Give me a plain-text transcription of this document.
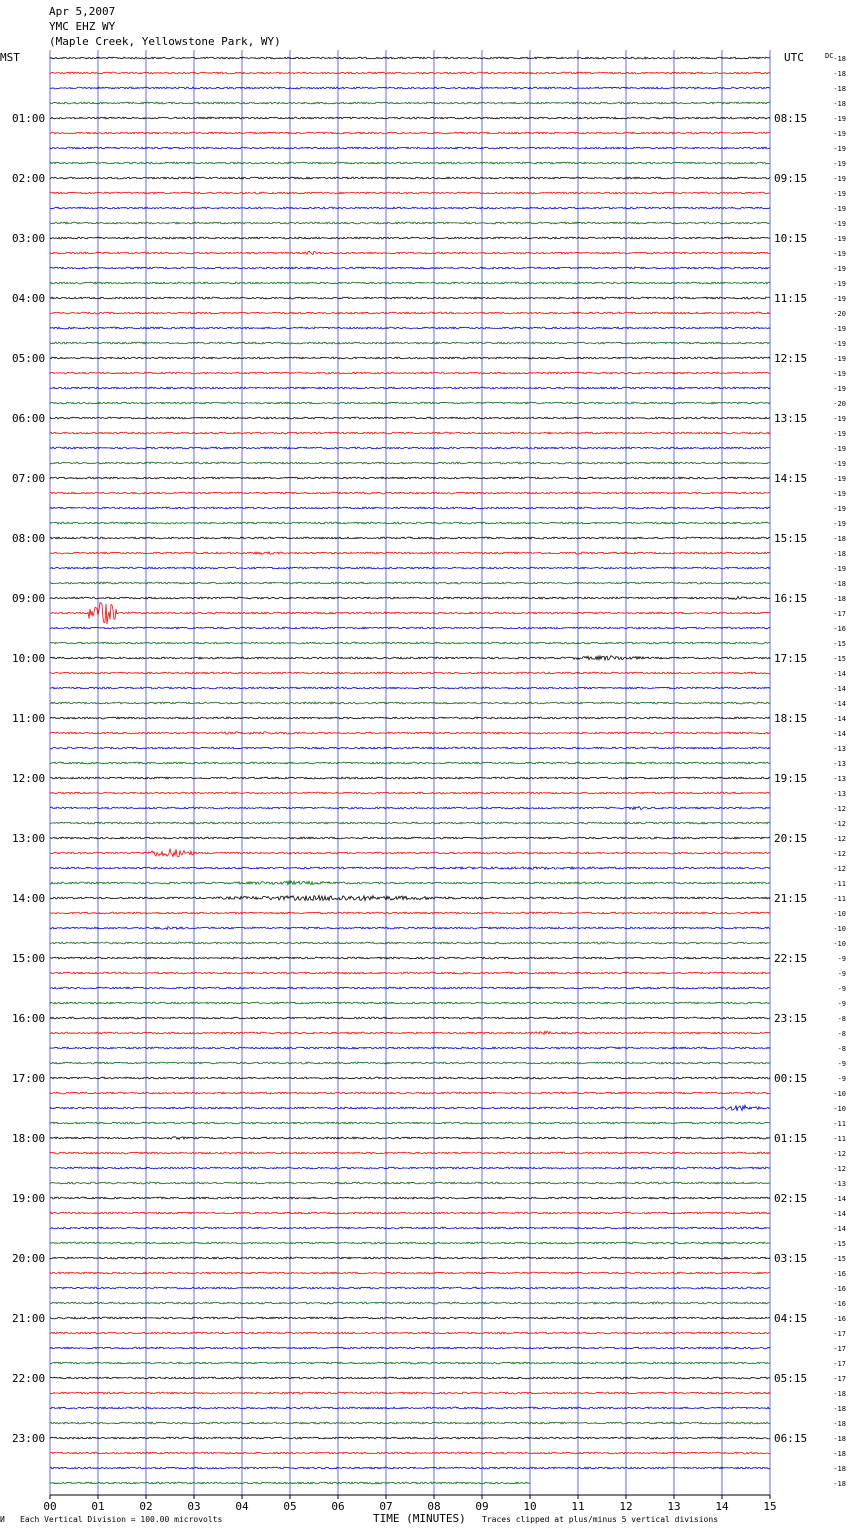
Apr 5,2007
YMC EHZ WY
(Maple Creek, Yellowstone Park, WY)
00	01	02	03	04	05	06	07	08	09	10	11	12	13	14	15
01:00
02:00
03:00
04:00
05:00
06:00
07:00
08:00
09:00
10:00
11:00
12:00
13:00
14:00
15:00
16:00
17:00
18:00
19:00
20:00
21:00
22:00
23:00
08:15
09:15
10:15
11:15
12:15
13:15
14:15
15:15
16:15
17:15
18:15
19:15
20:15
21:15
22:15
23:15
00:15
01:15
02:15
03:15
04:15
05:15
06:15
-18
-18
-18
-18
-19
-19
-19
-19
-19
-19
-19
-19
-19
-19
-19
-19
-19
-20
-19
-19
-19
-19
-19
-20
-19
-19
-19
-19
-19
-19
-19
-19
-18
-18
-19
-18
-18
-17
-16
-15
-15
-14
-14
-14
-14
-14
-13
-13
-13
-13
-12
-12
-12
-12
-12
-11
-11
-10
-10
-10
-9
-9
-9
-9
-8
-8
-8
-9
-9
-10
-10
-11
-11
-12
-12
-13
-14
-14
-14
-15
-15
-16
-16
-16
-16
-17
-17
-17
-17
-18
-18
-18
-18
-18
-18
-18
MST	UTC	DC
TIME (MINUTES)
И Each Vertical Division = 100.00 microvolts	Traces clipped at plus/minus 5 vertical divisions
